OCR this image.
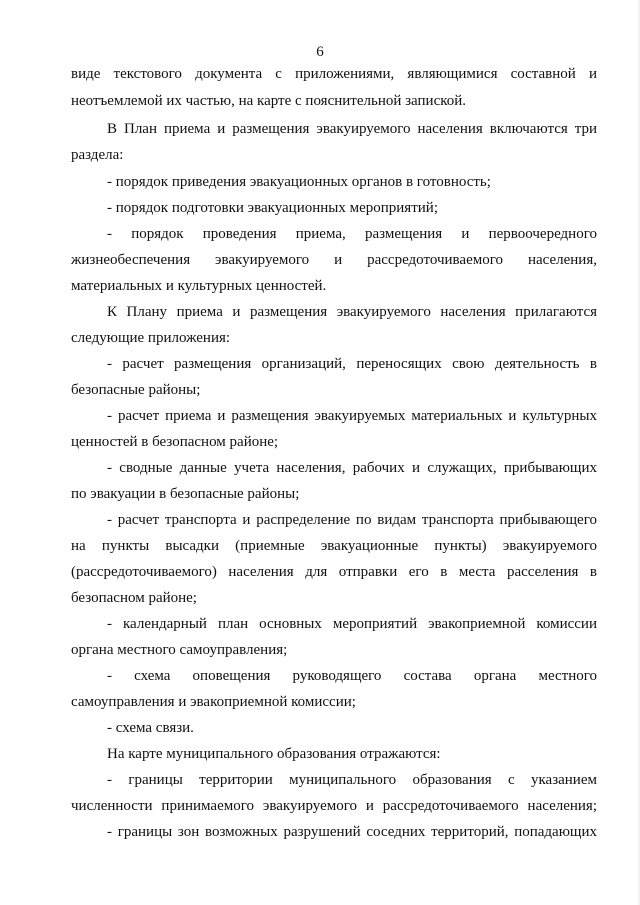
6
виде текстового документа с приложениями, являющимися составной и
неотъемлемой их частью, на карте с пояснительной запиской.
В План приема и размещения эвакуируемого населения включаются три
раздела:
- порядок приведения эвакуационных органов в готовность;
- порядок подготовки эвакуационных мероприятий;
- порядок проведения приема, размещения и первоочередного
жизнеобеспечения эвакуируемого и рассредоточиваемого населения,
материальных и культурных ценностей.
К Плану приема и размещения эвакуируемого населения прилагаются
следующие приложения:
- расчет размещения организаций, переносящих свою деятельность в
безопасные районы;
- расчет приема и размещения эвакуируемых материальных и культурных
ценностей в безопасном районе;
- сводные данные учета населения, рабочих и служащих, прибывающих
по эвакуации в безопасные районы;
- расчет транспорта и распределение по видам транспорта прибывающего
на пункты высадки (приемные эвакуационные пункты) эвакуируемого
(рассредоточиваемого) населения для отправки его в места расселения в
безопасном районе;
- календарный план основных мероприятий эвакоприемной комиссии
органа местного самоуправления;
- схема оповещения руководящего состава органа местного
самоуправления и эвакоприемной комиссии;
- схема связи.
На карте муниципального образования отражаются:
- границы территории муниципального образования с указанием
численности принимаемого эвакуируемого и рассредоточиваемого населения;
- границы зон возможных разрушений соседних территорий, попадающих
